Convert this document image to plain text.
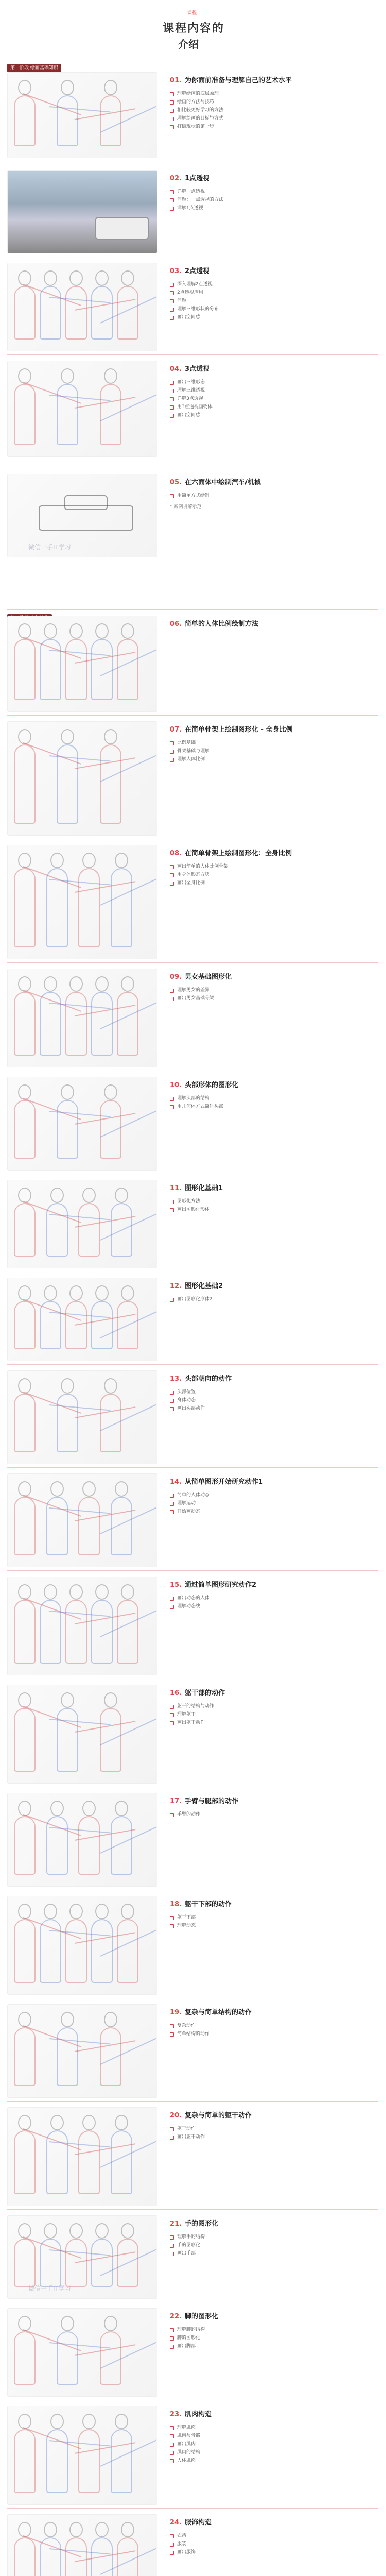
课程
课程内容的
介绍
第一阶段 绘画基础知识
01. 为你面前准备与理解自己的艺术水平
理解绘画的底层原理
绘画的方法与技巧
相比较更好学习的方法
理解绘画的目标与方式
打破现状的第一步
02. 1点透视
详解一点透视
问题：一点透视的方法
详解1点透视
03. 2点透视
深入理解2点透视
2点透视应用
问题
理解三维形状的分布
画出空间感
04. 3点透视
画出三维形态
理解三维透视
详解3点透视
用3点透视画物体
画出空间感
微信一手IT学习
05. 在六面体中绘制汽车/机械
用简单方式绘制
* 案例讲解示范
06. 简单的人体比例绘制方法
07. 在简单骨架上绘制图形化 - 全身比例
比例基础
骨架基础与理解
理解人体比例
08. 在简单骨架上绘制图形化：全身比例
画出简单的人体比例骨架
用身体形态方块
画出全身比例
09. 男女基础图形化
理解男女的差异
画出男女基础骨架
10. 头部形体的图形化
理解头部的结构
用几何体方式简化头部
11. 图形化基础1
图形化方法
画出图形化形体
12. 图形化基础2
画出图形化形体2
13. 头部朝向的动作
头部位置
身体动态
画出头部动作
14. 从简单图形开始研究动作1
简单的人体动态
理解运动
开始画动态
15. 通过简单图形研究动作2
画出动态的人体
理解动态线
16. 躯干部的动作
躯干的结构与动作
理解躯干
画出躯干动作
17. 手臂与腿部的动作
手臂的动作
18. 躯干下部的动作
躯干下部
理解动态
19. 复杂与简单结构的动作
复杂动作
简单结构的动作
20. 复杂与简单的躯干动作
躯干动作
画出躯干动作
微信一手IT学习
21. 手的图形化
理解手的结构
手的图形化
画出手部
22. 脚的图形化
理解脚的结构
脚的图形化
画出脚部
23. 肌肉构造
理解肌肉
肌肉与骨骼
画出肌肉
肌肉的结构
人体肌肉
24. 服饰构造
衣褶
服装
画出服饰
